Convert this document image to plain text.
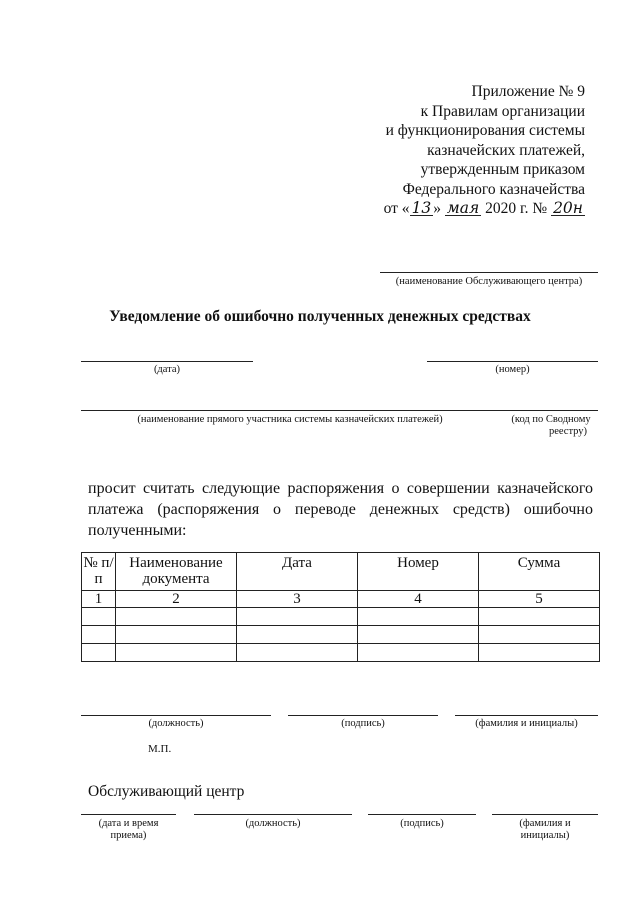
Приложение № 9
к Правилам организации
и функционирования системы
казначейских платежей,
утвержденным приказом
Федерального казначейства
от « 13 » мая 2020 г. № 20н
(наименование Обслуживающего центра)
Уведомление об ошибочно полученных денежных средствах
(дата)	(номер)
(наименование прямого участника системы казначейских платежей)	(код по Сводному
реестру)
просит считать следующие распоряжения о совершении казначейского платежа (распоряжения о переводе денежных средств) ошибочно полученными:
№ п/п	Наименование документа	Дата	Номер	Сумма
1	2	3	4	5

(должность)	(подпись)	(фамилия и инициалы)
М.П.
Обслуживающий центр
(дата и время
приема)
(должность)	(подпись)	(фамилия и
инициалы)
